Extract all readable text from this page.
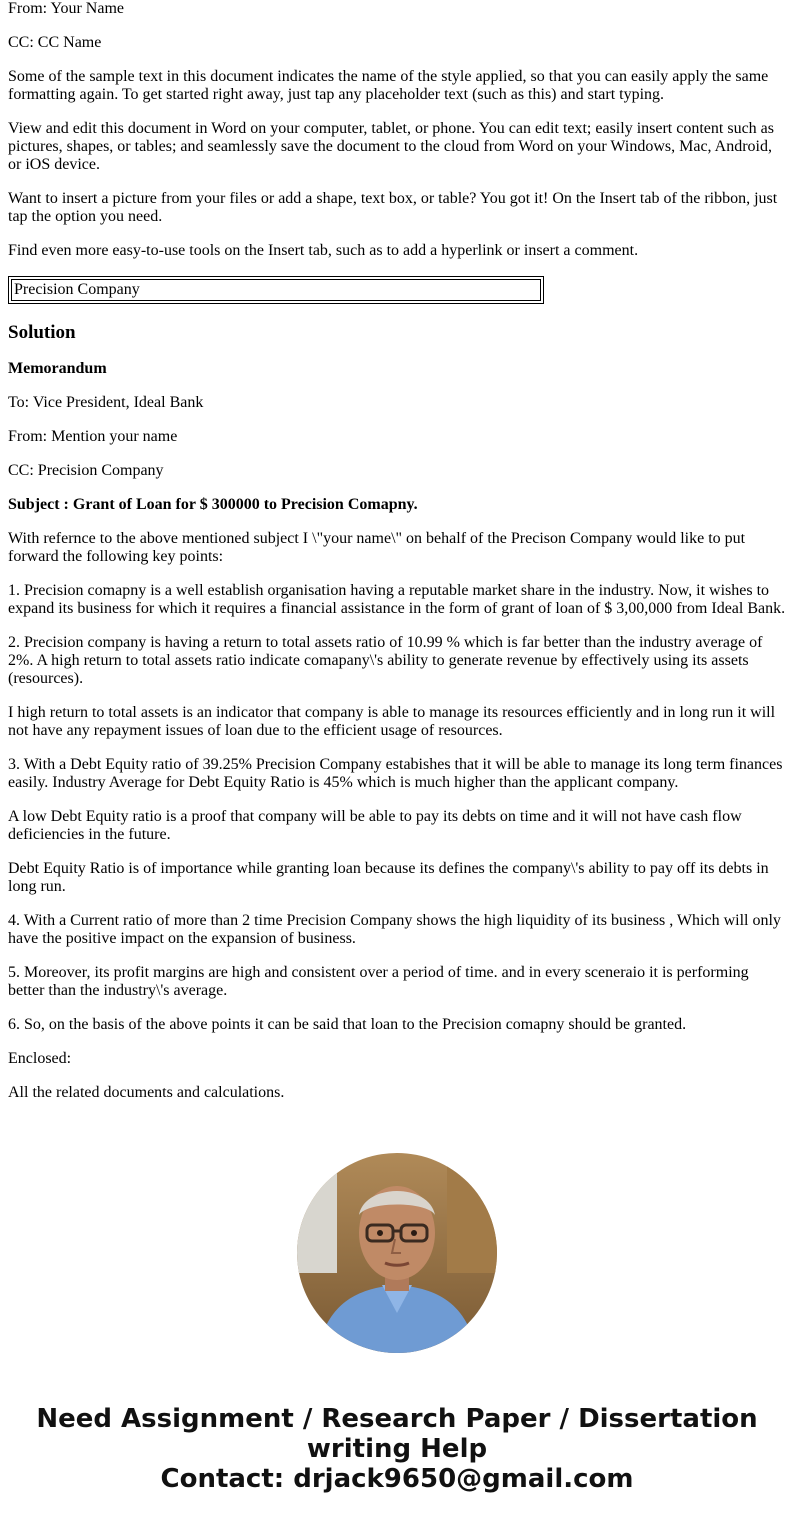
From: Your Name

CC: CC Name

Some of the sample text in this document indicates the name of the style applied, so that you can easily apply the same formatting again. To get started right away, just tap any placeholder text (such as this) and start typing.

View and edit this document in Word on your computer, tablet, or phone. You can edit text; easily insert content such as pictures, shapes, or tables; and seamlessly save the document to the cloud from Word on your Windows, Mac, Android, or iOS device.

Want to insert a picture from your files or add a shape, text box, or table? You got it! On the Insert tab of the ribbon, just tap the option you need.

Find even more easy-to-use tools on the Insert tab, such as to add a hyperlink or insert a comment.

Precision Company
Solution

Memorandum

To: Vice President, Ideal Bank

From: Mention your name

CC: Precision Company

Subject : Grant of Loan for $ 300000 to Precision Comapny.

With refernce to the above mentioned subject I \"your name\" on behalf of the Precison Company would like to put forward the following key points:

1. Precision comapny is a well establish organisation having a reputable market share in the industry. Now, it wishes to expand its business for which it requires a financial assistance in the form of grant of loan of $ 3,00,000 from Ideal Bank.

2. Precision company is having a return to total assets ratio of 10.99 % which is far better than the industry average of 2%. A high return to total assets ratio indicate comapany\'s ability to generate revenue by effectively using its assets (resources).

I high return to total assets is an indicator that company is able to manage its resources efficiently and in long run it will not have any repayment issues of loan due to the efficient usage of resources.

3. With a Debt Equity ratio of 39.25% Precision Company estabishes that it will be able to manage its long term finances easily. Industry Average for Debt Equity Ratio is 45% which is much higher than the applicant company.

A low Debt Equity ratio is a proof that company will be able to pay its debts on time and it will not have cash flow deficiencies in the future.

Debt Equity Ratio is of importance while granting loan because its defines the company\'s ability to pay off its debts in long run.

4. With a Current ratio of more than 2 time Precision Company shows the high liquidity of its business , Which will only have the positive impact on the expansion of business.

5. Moreover, its profit margins are high and consistent over a period of time. and in every sceneraio it is performing better than the industry\'s average.

6. So, on the basis of the above points it can be said that loan to the Precision comapny should be granted.

Enclosed:

All the related documents and calculations.

Need Assignment / Research Paper / Dissertation writing Help
Contact: drjack9650@gmail.com
